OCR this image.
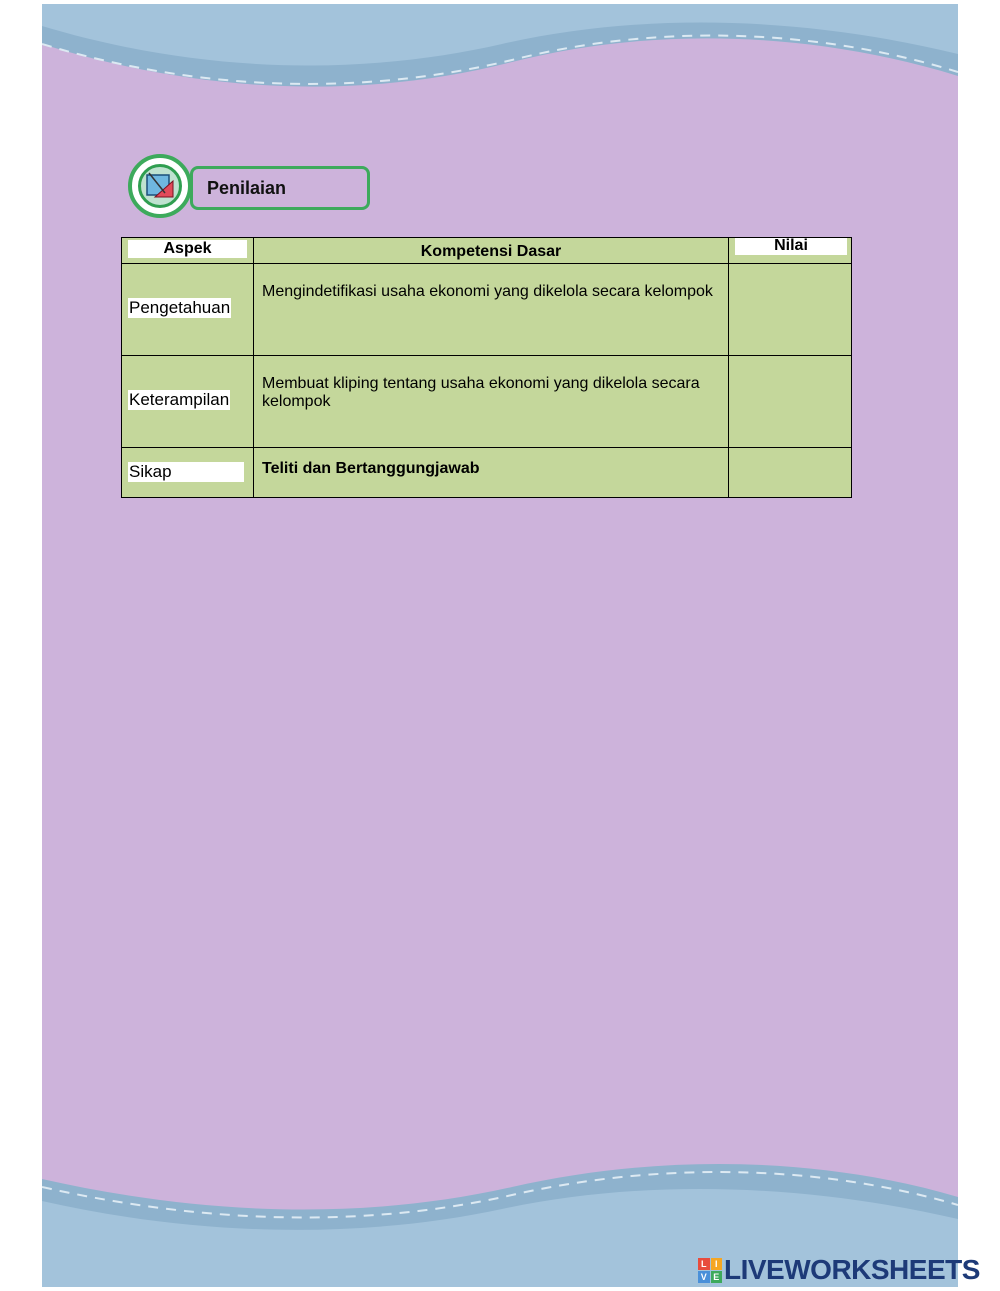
Penilaian
Aspek	Kompetensi Dasar	Nilai

Pengetahuan	Mengindetifikasi usaha ekonomi yang dikelola secara kelompok	

Keterampilan	Membuat kliping tentang usaha ekonomi yang dikelola secara kelompok	

Sikap	Teliti dan Bertanggungjawab	

L I
V E LIVEWORKSHEETS
